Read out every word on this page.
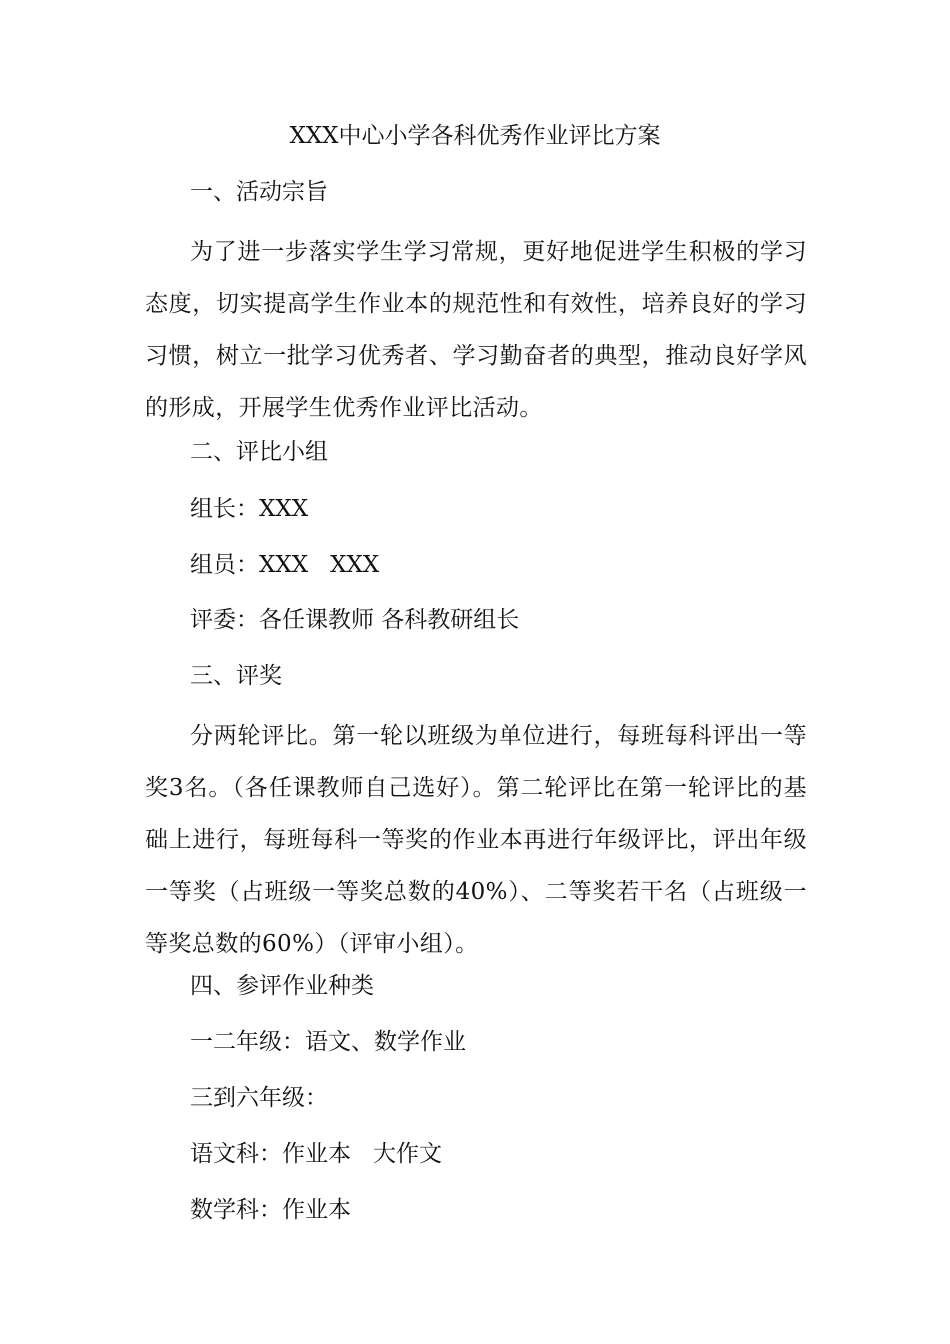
XXX中心小学各科优秀作业评比方案
一、活动宗旨
为了进一步落实学生学习常规，更好地促进学生积极的学习态度，切实提高学生作业本的规范性和有效性，培养良好的学习习惯，树立一批学习优秀者、学习勤奋者的典型，推动良好学风的形成，开展学生优秀作业评比活动。
二、评比小组
组长：XXX
组员：XXX XXX
评委：各任课教师 各科教研组长
三、评奖
分两轮评比。第一轮以班级为单位进行，每班每科评出一等奖3名。（各任课教师自己选好）。第二轮评比在第一轮评比的基础上进行，每班每科一等奖的作业本再进行年级评比，评出年级一等奖（占班级一等奖总数的40%）、二等奖若干名（占班级一等奖总数的60%）（评审小组）。
四、参评作业种类
一二年级：语文、数学作业
三到六年级：
语文科：作业本 大作文
数学科：作业本
